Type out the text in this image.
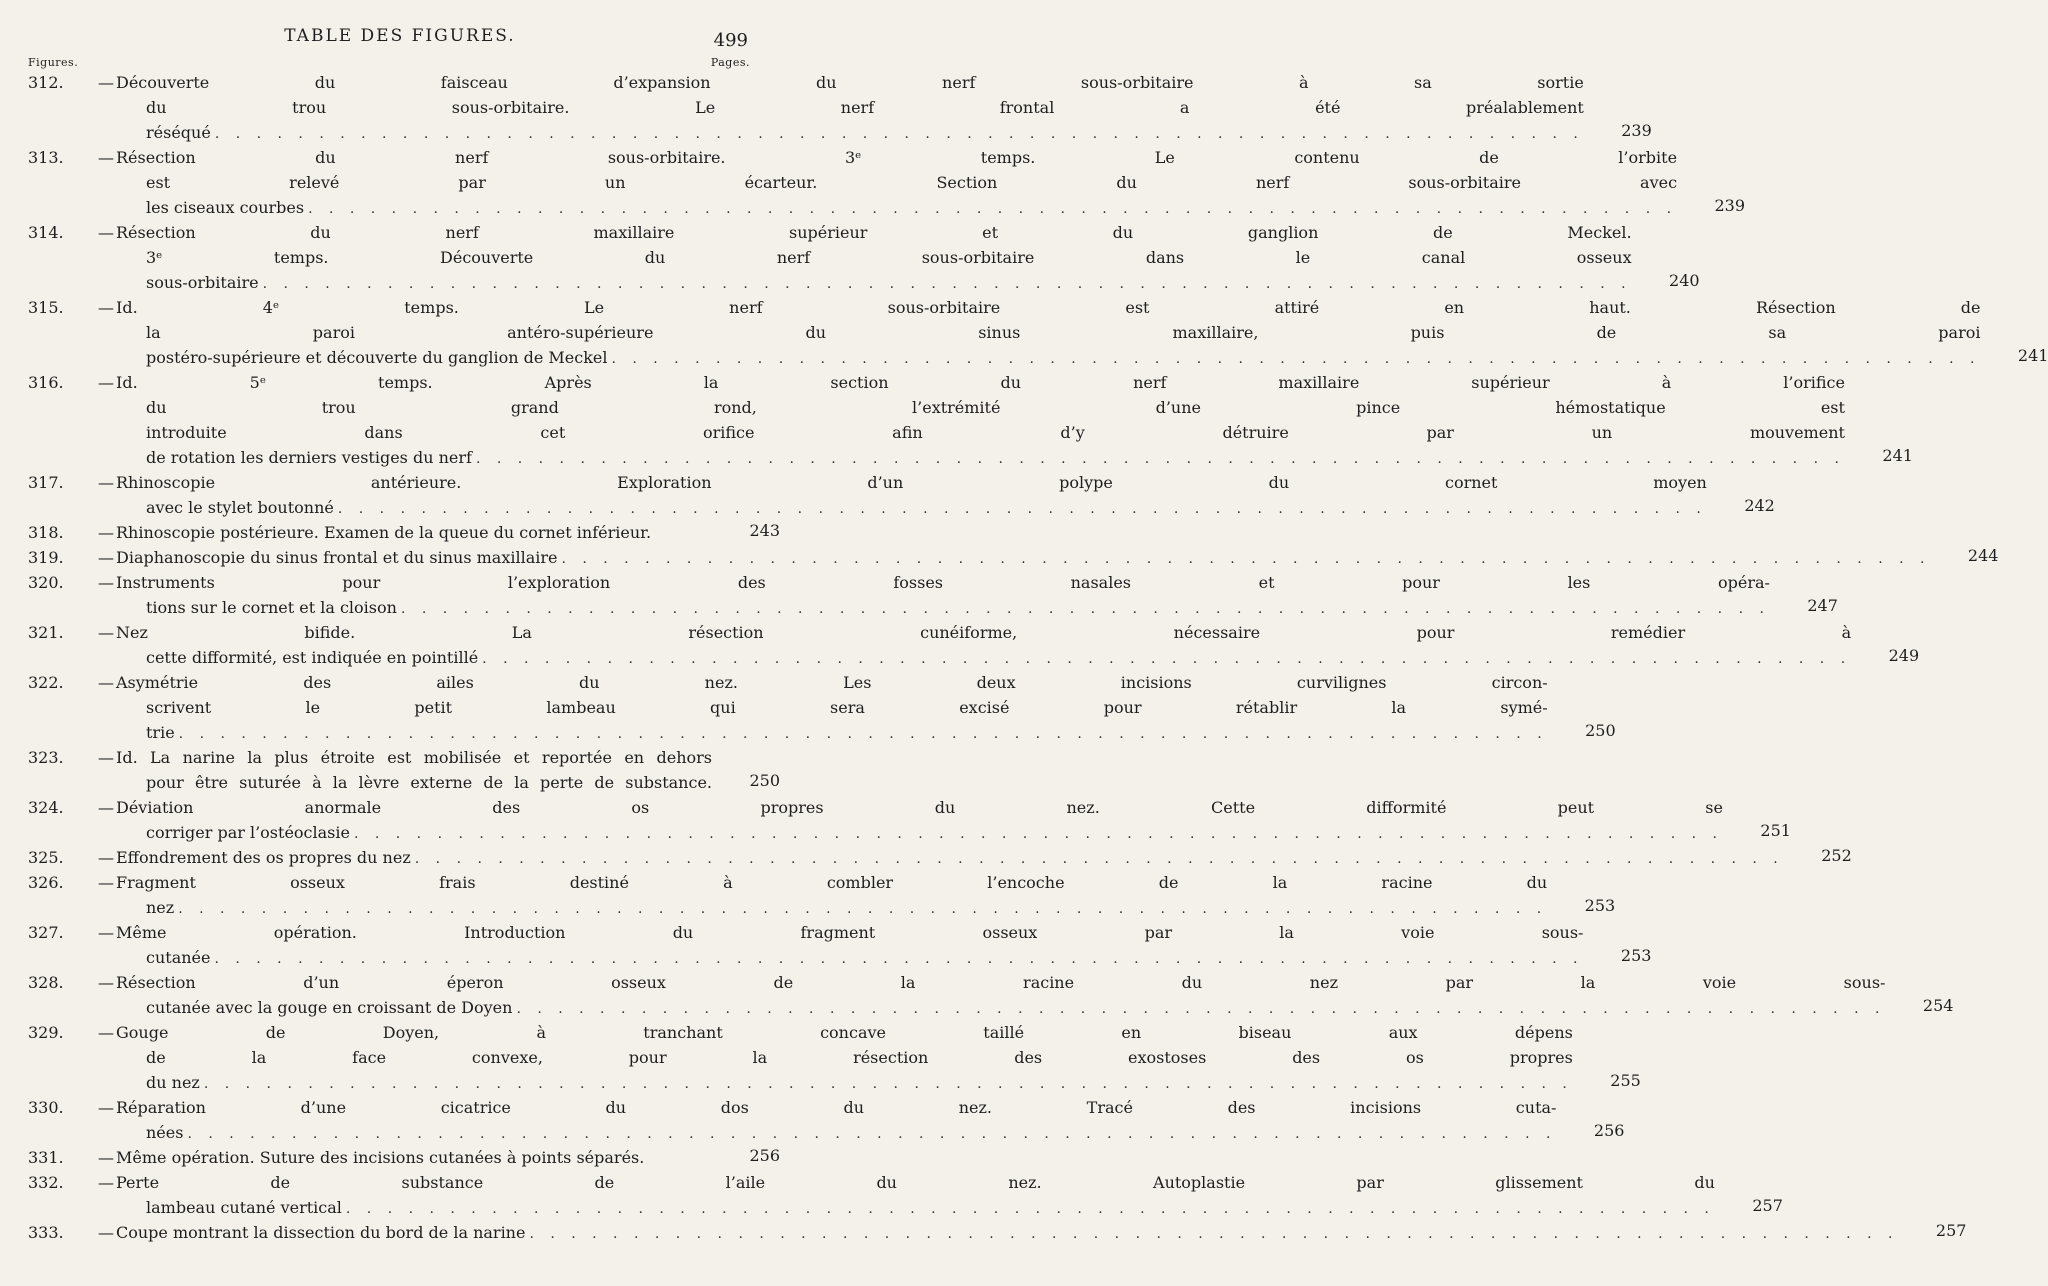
TABLE DES FIGURES.	499
Figures.	Pages.
312.	— Découverte du faisceau d’expansion du nerf sous-orbitaire à sa sortie
du trou sous-orbitaire. Le nerf frontal a été préalablement
réséqué . . .	239
313.	— Résection du nerf sous-orbitaire. 3ᵉ temps. Le contenu de l’orbite
est relevé par un écarteur. Section du nerf sous-orbitaire avec
les ciseaux courbes . . .	239
314.	— Résection du nerf maxillaire supérieur et du ganglion de Meckel.
3ᵉ temps. Découverte du nerf sous-orbitaire dans le canal osseux
sous-orbitaire . . .	240
315.	— Id. 4ᵉ temps. Le nerf sous-orbitaire est attiré en haut. Résection de
la paroi antéro-supérieure du sinus maxillaire, puis de sa paroi
postéro-supérieure et découverte du ganglion de Meckel . . .	241
316.	— Id. 5ᵉ temps. Après la section du nerf maxillaire supérieur à l’orifice
du trou grand rond, l’extrémité d’une pince hémostatique est
introduite dans cet orifice afin d’y détruire par un mouvement
de rotation les derniers vestiges du nerf . . .	241
317.	— Rhinoscopie antérieure. Exploration d’un polype du cornet moyen
avec le stylet boutonné . . .	242
318.	— Rhinoscopie postérieure. Examen de la queue du cornet inférieur.	243
319.	— Diaphanoscopie du sinus frontal et du sinus maxillaire
. . .	244
320.	— Instruments pour l’exploration des fosses nasales et pour les opéra-
tions sur le cornet et la cloison . . .	247
321.	— Nez bifide. La résection cunéiforme, nécessaire pour remédier à
cette difformité, est indiquée en pointillé . . .	249
322.	— Asymétrie des ailes du nez. Les deux incisions curvilignes circon-
scrivent le petit lambeau qui sera excisé pour rétablir la symé-
trie . . .	250
323.	— Id. La narine la plus étroite est mobilisée et reportée en dehors
pour être suturée à la lèvre externe de la perte de substance.	250
324.	— Déviation anormale des os propres du nez. Cette difformité peut se
corriger par l’ostéoclasie . . .	251
325.	— Effondrement des os propres du nez
. . .	252
326.	— Fragment osseux frais destiné à combler l’encoche de la racine du
nez . . .	253
327.	— Même opération. Introduction du fragment osseux par la voie sous-
cutanée . . .	253
328.	— Résection d’un éperon osseux de la racine du nez par la voie sous-
cutanée avec la gouge en croissant de Doyen . . .	254
329.	— Gouge de Doyen, à tranchant concave taillé en biseau aux dépens
de la face convexe, pour la résection des exostoses des os propres
du nez . . .	255
330.	— Réparation d’une cicatrice du dos du nez. Tracé des incisions cuta-
nées . . .	256
331.	— Même opération. Suture des incisions cutanées à points séparés.	256
332.	— Perte de substance de l’aile du nez. Autoplastie par glissement du
lambeau cutané vertical . . .	257
333.	— Coupe montrant la dissection du bord de la narine
. . .	257
